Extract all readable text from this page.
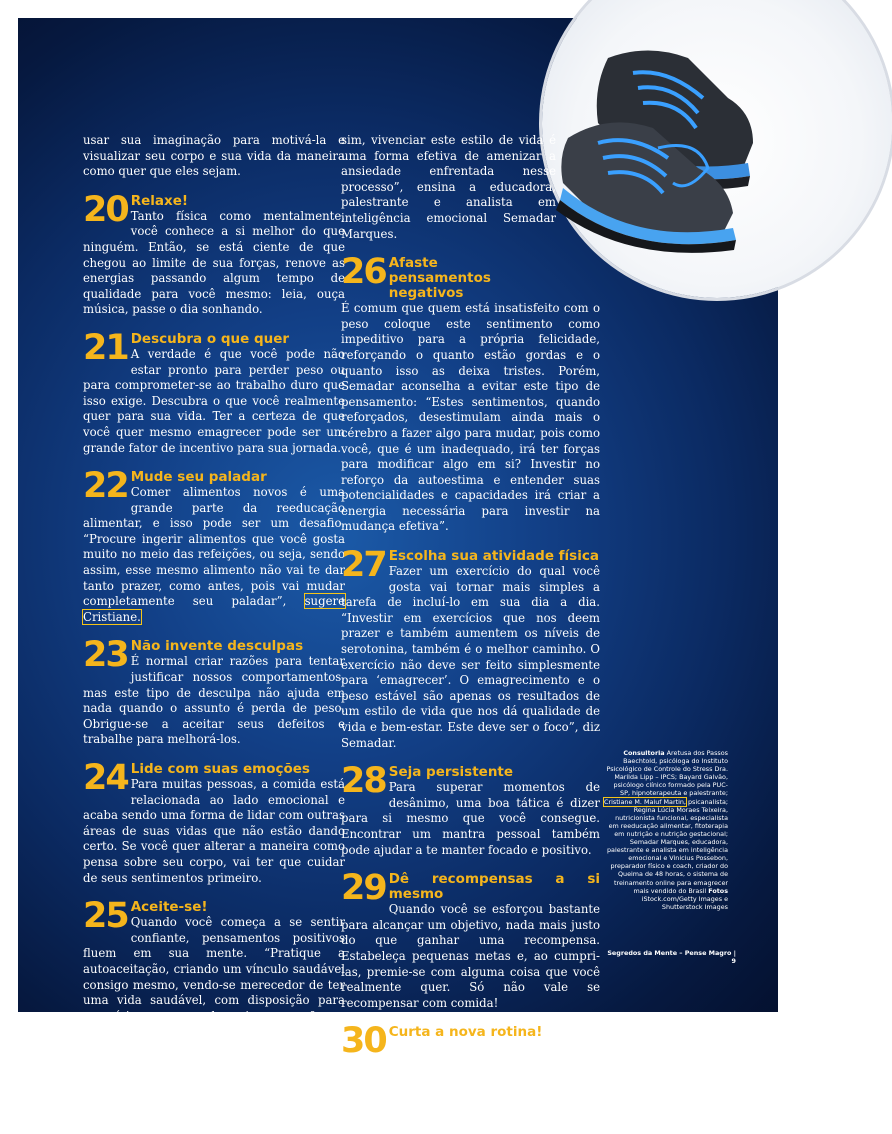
usar sua imaginação para motivá-la e visualizar seu corpo e sua vida da maneira como quer que eles sejam.

20 Relaxe!
Tanto física como mentalmente, você conhece a si melhor do que ninguém. Então, se está ciente de que chegou ao limite de sua forças, renove as energias passando algum tempo de qualidade para você mesmo: leia, ouça música, passe o dia sonhando.
21 Descubra o que quer
A verdade é que você pode não estar pronto para perder peso ou para comprometer-se ao trabalho duro que isso exige. Descubra o que você realmente quer para sua vida. Ter a certeza de que você quer mesmo emagrecer pode ser um grande fator de incentivo para sua jornada.
22 Mude seu paladar
Comer alimentos novos é uma grande parte da reeducação alimentar, e isso pode ser um desafio. “Procure ingerir alimentos que você gosta muito no meio das refeições, ou seja, sendo assim, esse mesmo alimento não vai te dar tanto prazer, como antes, pois vai mudar completamente seu paladar”, sugere Cristiane.
23 Não invente desculpas
É normal criar razões para tentar justificar nossos comportamentos, mas este tipo de desculpa não ajuda em nada quando o assunto é perda de peso. Obrigue-se a aceitar seus defeitos e trabalhe para melhorá-los.
24 Lide com suas emoções
Para muitas pessoas, a comida está relacionada ao lado emocional e acaba sendo uma forma de lidar com outras áreas de suas vidas que não estão dando certo. Se você quer alterar a maneira como pensa sobre seu corpo, vai ter que cuidar de seus sentimentos primeiro.
25 Aceite-se!
Quando você começa a se sentir confiante, pensamentos positivos fluem em sua mente. “Pratique a autoaceitação, criando um vínculo saudável consigo mesmo, vendo-se merecedor de ter uma vida saudável, com disposição para exercícios e comendo coisas que façam bem ao organismo. Investir na melhora da imagem corporal e acreditar que pode

sim, vivenciar este estilo de vida é uma forma efetiva de amenizar a ansiedade enfrentada nesse processo”, ensina a educadora, palestrante e analista em inteligência emocional Semadar Marques.

26 Afaste pensamentos negativos
É comum que quem está insatisfeito com o peso coloque este sentimento como impeditivo para a própria felicidade, reforçando o quanto estão gordas e o quanto isso as deixa tristes. Porém, Semadar aconselha a evitar este tipo de pensamento: “Estes sentimentos, quando reforçados, desestimulam ainda mais o cérebro a fazer algo para mudar, pois como você, que é um inadequado, irá ter forças para modificar algo em si? Investir no reforço da autoestima e entender suas potencialidades e capacidades irá criar a energia necessária para investir na mudança efetiva”.
27 Escolha sua atividade física
Fazer um exercício do qual você gosta vai tornar mais simples a tarefa de incluí-lo em sua dia a dia. “Investir em exercícios que nos deem prazer e também aumentem os níveis de serotonina, também é o melhor caminho. O exercício não deve ser feito simplesmente para ‘emagrecer’. O emagrecimento e o peso estável são apenas os resultados de um estilo de vida que nos dá qualidade de vida e bem-estar. Este deve ser o foco”, diz Semadar.
28 Seja persistente
Para superar momentos de desânimo, uma boa tática é dizer para si mesmo que você consegue. Encontrar um mantra pessoal também pode ajudar a te manter focado e positivo.
29 Dê recompensas a si mesmo
Quando você se esforçou bastante para alcançar um objetivo, nada mais justo do que ganhar uma recompensa. Estabeleça pequenas metas e, ao cumpri-las, premie-se com alguma coisa que você realmente quer. Só não vale se recompensar com comida!
30 Curta a nova rotina!
Emagrecer não deve se tornar um dever ou uma obrigação. Você tem que querer emagrecer para ter qualidade de vida, ser saudável e não para se encaixar em um padrão que os outros acham ideal.
Consultoria Aretusa dos Passos Baechtold, psicóloga do Instituto Psicológico de Controle do Stress Dra. Marilda Lipp – IPCS; Bayard Galvão, psicólogo clínico formado pela PUC-SP, hipnoterapeuta e palestrante; Cristiane M. Maluf Martin, psicanalista; Regina Lúcia Moraes Teixeira, nutricionista funcional, especialista em reeducação alimentar, fitoterapia em nutrição e nutrição gestacional; Semadar Marques, educadora, palestrante e analista em inteligência emocional e Vinicius Possebon, preparador físico e coach, criador do Queima de 48 horas, o sistema de treinamento online para emagrecer mais vendido do Brasil Fotos iStock.com/Getty Images e Shutterstock Images
Segredos da Mente – Pense Magro | 9
